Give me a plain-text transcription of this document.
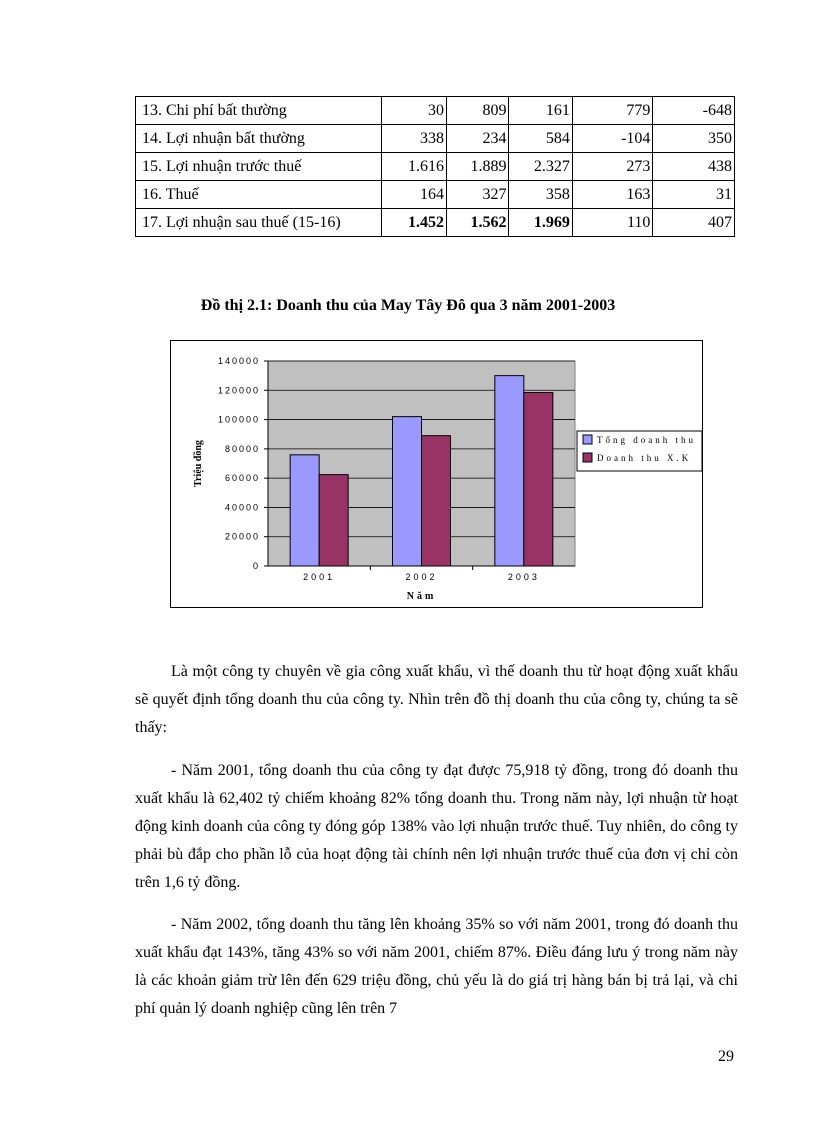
13. Chi phí bất thường	30	809	161	779	-648
14. Lợi nhuận bất thường	338	234	584	-104	350
15. Lợi nhuận trước thuế	1.616	1.889	2.327	273	438
16. Thuế	164	327	358	163	31
17. Lợi nhuận sau thuế (15-16)	1.452	1.562	1.969	110	407
Đồ thị 2.1: Doanh thu của May Tây Đô qua 3 năm 2001-2003
0
20000
40000
60000
80000
100000
120000
140000
2001	2002	2003
Năm
Triệu đồng
Tổng doanh thu
Doanh thu X.K

Là một công ty chuyên về gia công xuất khẩu, vì thế doanh thu từ hoạt động xuất khẩu sẽ quyết định tổng doanh thu của công ty. Nhìn trên đồ thị doanh thu của công ty, chúng ta sẽ thấy:

- Năm 2001, tổng doanh thu của công ty đạt được 75,918 tỷ đồng, trong đó doanh thu xuất khẩu là 62,402 tỷ chiếm khoảng 82% tổng doanh thu. Trong năm này, lợi nhuận từ hoạt động kinh doanh của công ty đóng góp 138% vào lợi nhuận trước thuế. Tuy nhiên, do công ty phải bù đắp cho phần lỗ của hoạt động tài chính nên lợi nhuận trước thuế của đơn vị chỉ còn trên 1,6 tỷ đồng.

- Năm 2002, tổng doanh thu tăng lên khoảng 35% so với năm 2001, trong đó doanh thu xuất khẩu đạt 143%, tăng 43% so với năm 2001, chiếm 87%. Điều đáng lưu ý trong năm này là các khoản giảm trừ lên đến 629 triệu đồng, chủ yếu là do giá trị hàng bán bị trả lại, và chi phí quản lý doanh nghiệp cũng lên trên 7

29
